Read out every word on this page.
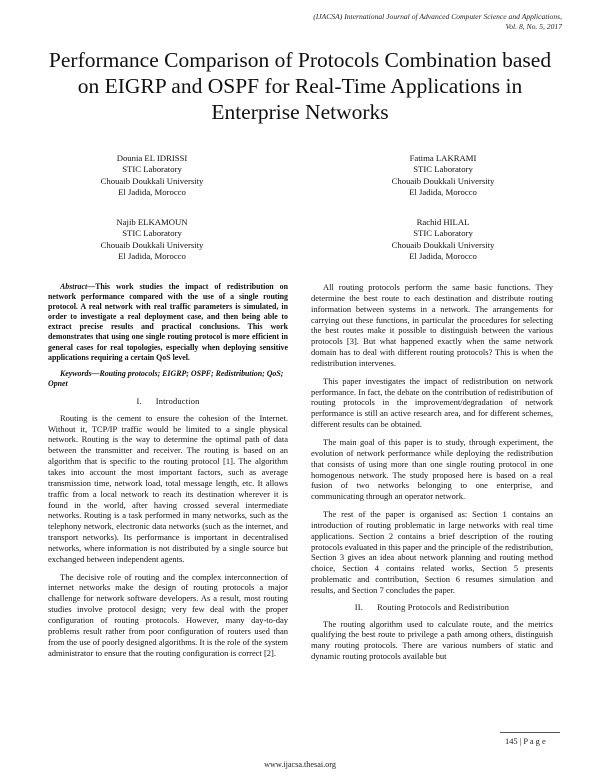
(IJACSA) International Journal of Advanced Computer Science and Applications,
Vol. 8, No. 5, 2017
Performance Comparison of Protocols Combination based on EIGRP and OSPF for Real-Time Applications in Enterprise Networks
Dounia EL IDRISSI
STIC Laboratory
Chouaib Doukkali University
El Jadida, Morocco
Fatima LAKRAMI
STIC Laboratory
Chouaib Doukkali University
El Jadida, Morocco
Najib ELKAMOUN
STIC Laboratory
Chouaib Doukkali University
El Jadida, Morocco
Rachid HILAL
STIC Laboratory
Chouaib Doukkali University
El Jadida, Morocco
Abstract—This work studies the impact of redistribution on network performance compared with the use of a single routing protocol. A real network with real traffic parameters is simulated, in order to investigate a real deployment case, and then being able to extract precise results and practical conclusions. This work demonstrates that using one single routing protocol is more efficient in general cases for real topologies, especially when deploying sensitive applications requiring a certain QoS level.
Keywords—Routing protocols; EIGRP; OSPF; Redistribution; QoS; Opnet
I. Introduction

Routing is the cement to ensure the cohesion of the Internet. Without it, TCP/IP traffic would be limited to a single physical network. Routing is the way to determine the optimal path of data between the transmitter and receiver. The routing is based on an algorithm that is specific to the routing protocol [1]. The algorithm takes into account the most important factors, such as average transmission time, network load, total message length, etc. It allows traffic from a local network to reach its destination wherever it is found in the world, after having crossed several intermediate networks. Routing is a task performed in many networks, such as the telephony network, electronic data networks (such as the internet, and transport networks). Its performance is important in decentralised networks, where information is not distributed by a single source but exchanged between independent agents.

The decisive role of routing and the complex interconnection of internet networks make the design of routing protocols a major challenge for network software developers. As a result, most routing studies involve protocol design; very few deal with the proper configuration of routing protocols. However, many day-to-day problems result rather from poor configuration of routers used than from the use of poorly designed algorithms. It is the role of the system administrator to ensure that the routing configuration is correct [2].

All routing protocols perform the same basic functions. They determine the best route to each destination and distribute routing information between systems in a network. The arrangements for carrying out these functions, in particular the procedures for selecting the best routes make it possible to distinguish between the various protocols [3]. But what happened exactly when the same network domain has to deal with different routing protocols? This is when the redistribution intervenes.

This paper investigates the impact of redistribution on network performance. In fact, the debate on the contribution of redistribution of routing protocols in the improvement/degradation of network performance is still an active research area, and for different schemes, different results can be obtained.

The main goal of this paper is to study, through experiment, the evolution of network performance while deploying the redistribution that consists of using more than one single routing protocol in one homogenous network. The study proposed here is based on a real fusion of two networks belonging to one enterprise, and communicating through an operator network.

The rest of the paper is organised as: Section 1 contains an introduction of routing problematic in large networks with real time applications. Section 2 contains a brief description of the routing protocols evaluated in this paper and the principle of the redistribution, Section 3 gives an idea about network planning and routing method choice, Section 4 contains related works, Section 5 presents problematic and contribution, Section 6 resumes simulation and results, and Section 7 concludes the paper.

II. Routing Protocols and Redistribution

The routing algorithm used to calculate route, and the metrics qualifying the best route to privilege a path among others, distinguish many routing protocols. There are various numbers of static and dynamic routing protocols available but

145 | P a g e
www.ijacsa.thesai.org
